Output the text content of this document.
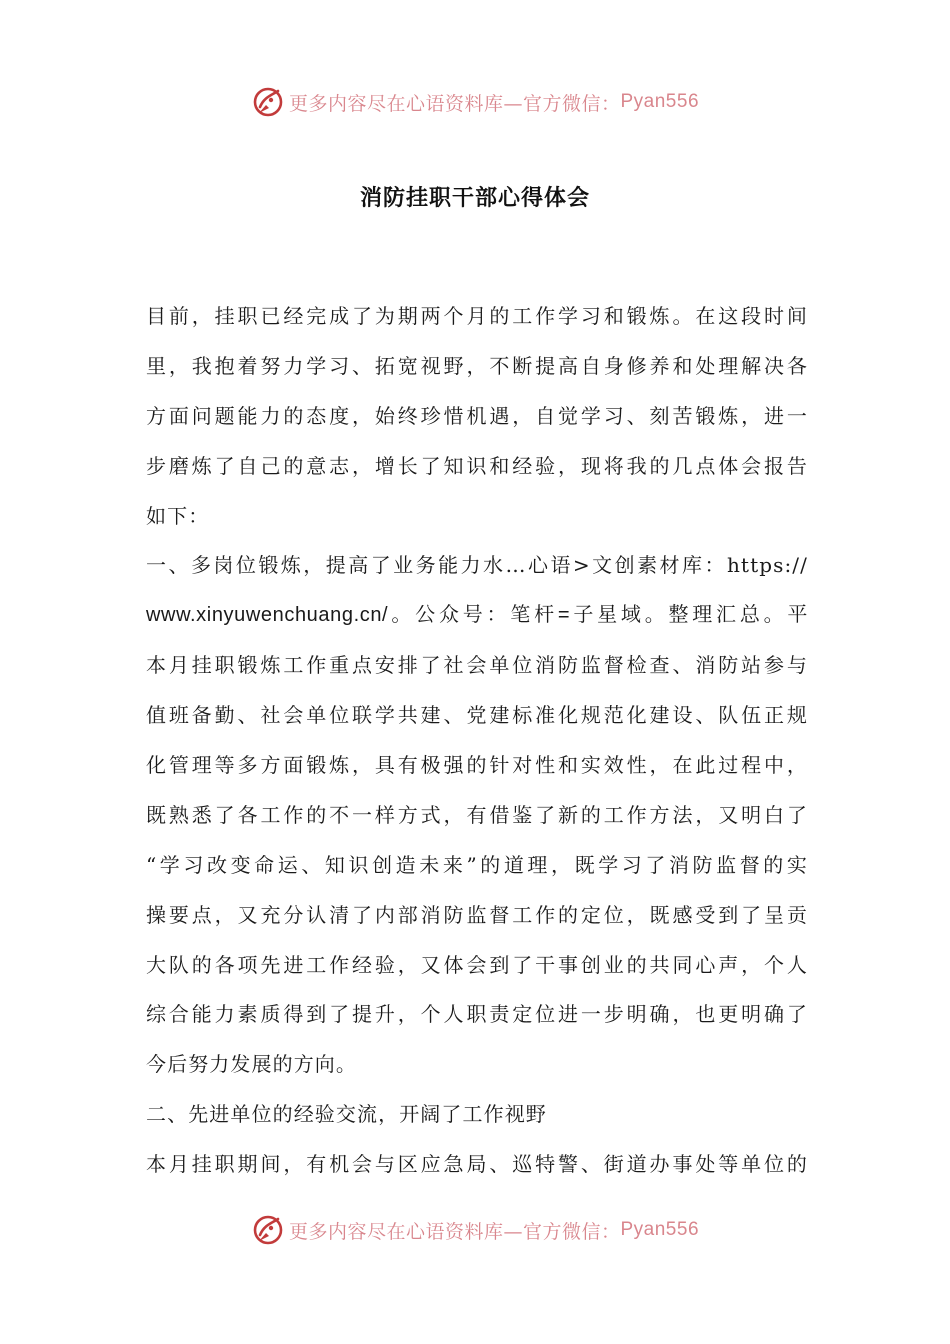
更多内容尽在心语资料库—官方微信： Pyan556
消防挂职干部心得体会
目前，挂职已经完成了为期两个月的工作学习和锻炼。在这段时间
里，我抱着努力学习、拓宽视野，不断提高自身修养和处理解决各
方面问题能力的态度，始终珍惜机遇，自觉学习、刻苦锻炼，进一
步磨炼了自己的意志，增长了知识和经验，现将我的几点体会报告
如下：
一、多岗位锻炼，提高了业务能力水…心语>文创素材库：https://
www.xinyuwenchuang.cn/。公众号：笔杆=子星域。整理汇总。平
本月挂职锻炼工作重点安排了社会单位消防监督检查、消防站参与
值班备勤、社会单位联学共建、党建标准化规范化建设、队伍正规
化管理等多方面锻炼，具有极强的针对性和实效性，在此过程中，
既熟悉了各工作的不一样方式，有借鉴了新的工作方法，又明白了
“学习改变命运、知识创造未来”的道理，既学习了消防监督的实
操要点，又充分认清了内部消防监督工作的定位，既感受到了呈贡
大队的各项先进工作经验，又体会到了干事创业的共同心声，个人
综合能力素质得到了提升，个人职责定位进一步明确，也更明确了
今后努力发展的方向。
二、先进单位的经验交流，开阔了工作视野
本月挂职期间，有机会与区应急局、巡特警、街道办事处等单位的
更多内容尽在心语资料库—官方微信： Pyan556
